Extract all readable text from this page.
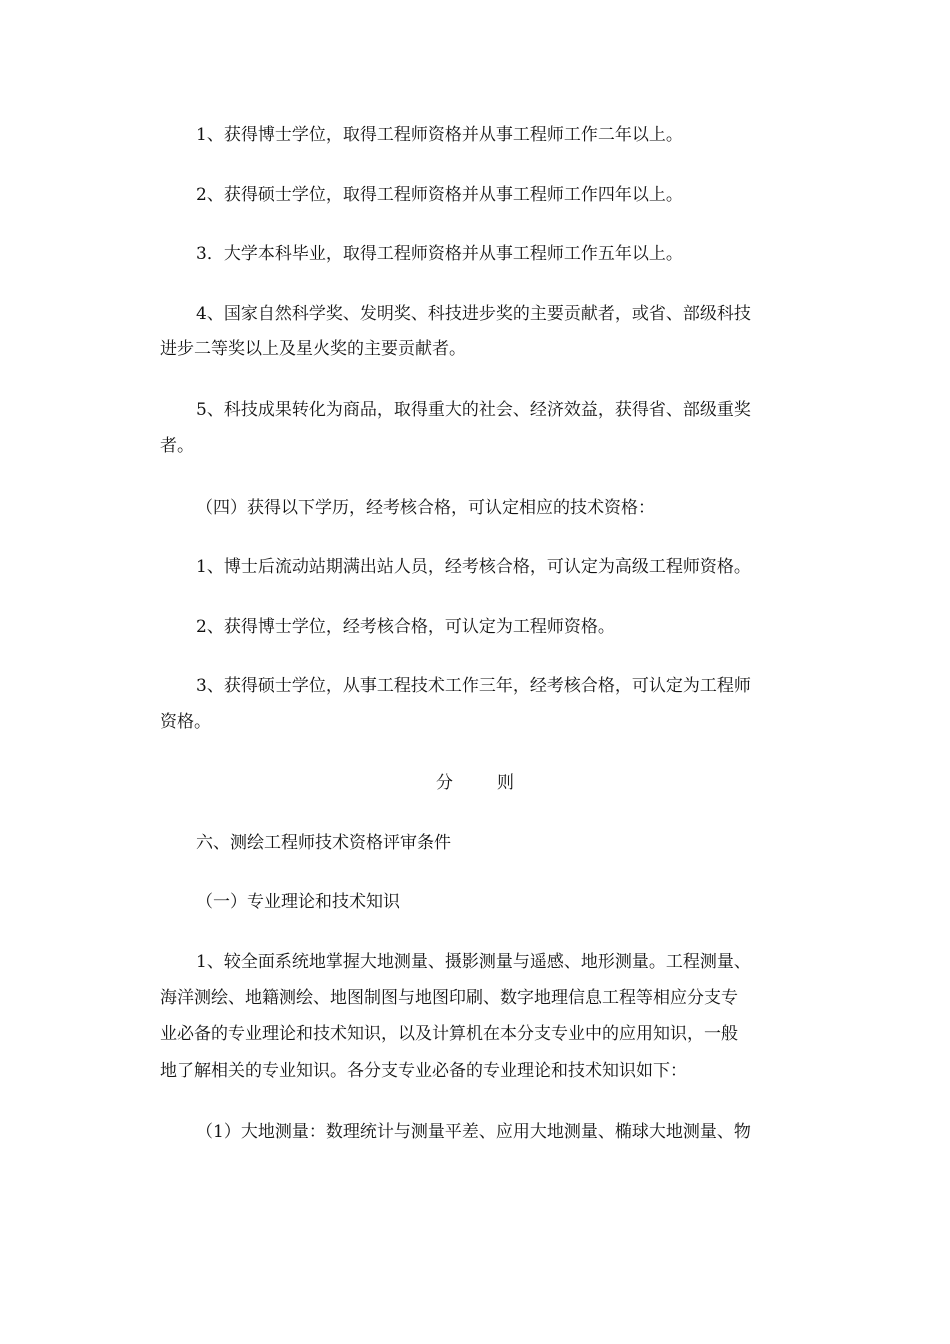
1、获得博士学位，取得工程师资格并从事工程师工作二年以上。
2、获得硕士学位，取得工程师资格并从事工程师工作四年以上。
3．大学本科毕业，取得工程师资格并从事工程师工作五年以上。
4、国家自然科学奖、发明奖、科技进步奖的主要贡献者，或省、部级科技
进步二等奖以上及星火奖的主要贡献者。
5、科技成果转化为商品，取得重大的社会、经济效益，获得省、部级重奖
者。
（四）获得以下学历，经考核合格，可认定相应的技术资格：
1、博士后流动站期满出站人员，经考核合格，可认定为高级工程师资格。
2、获得博士学位，经考核合格，可认定为工程师资格。
3、获得硕士学位，从事工程技术工作三年，经考核合格，可认定为工程师
资格。
分	则
六、测绘工程师技术资格评审条件
（一）专业理论和技术知识
1、较全面系统地掌握大地测量、摄影测量与遥感、地形测量。工程测量、
海洋测绘、地籍测绘、地图制图与地图印刷、数字地理信息工程等相应分支专
业必备的专业理论和技术知识，以及计算机在本分支专业中的应用知识，一般
地了解相关的专业知识。各分支专业必备的专业理论和技术知识如下：
（1）大地测量：数理统计与测量平差、应用大地测量、椭球大地测量、物
